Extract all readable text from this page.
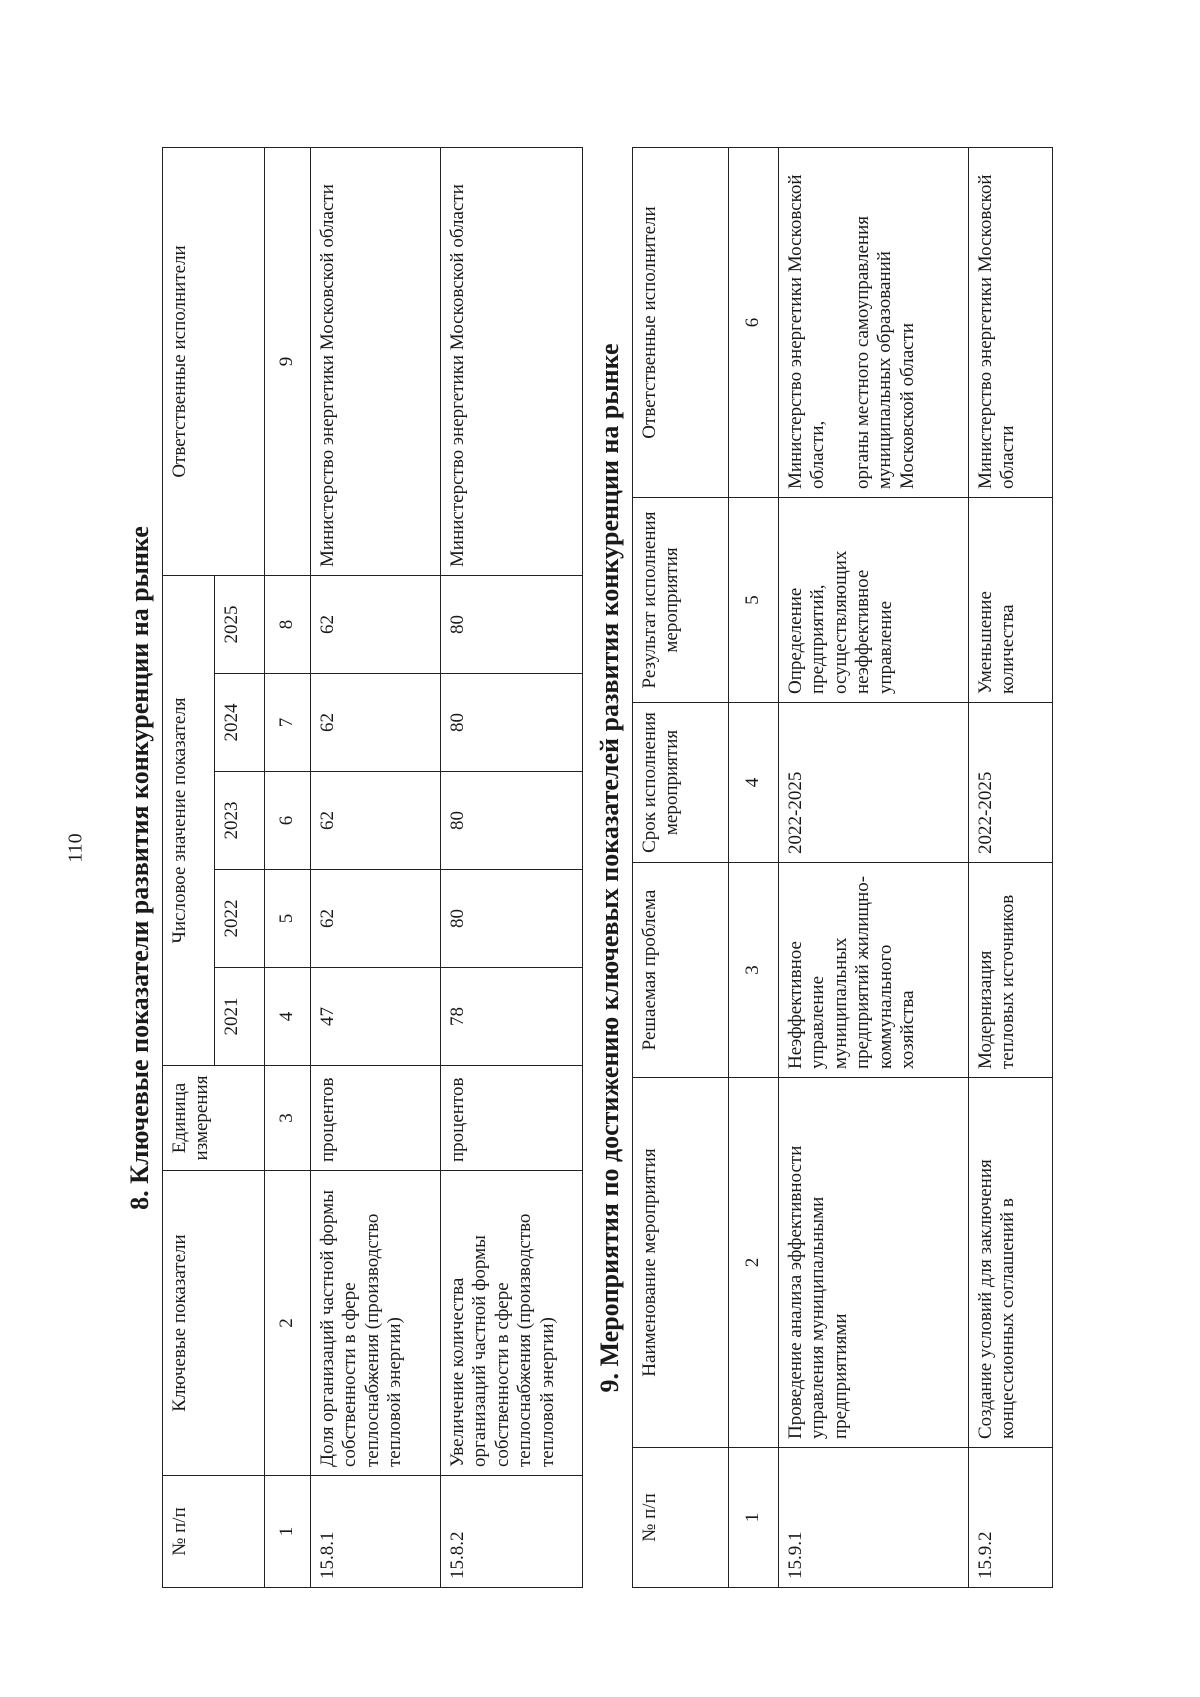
110 8. Ключевые показатели развития конкуренции на рынке
№ п/п	Ключевые показатели	Единица измерения	Числовое значение показателя					Ответственные исполнители
			2021	2022	2023	2024	2025	
1	2	3	4	5	6	7	8	9
15.8.1	Доля организаций частной формы собственности в сфере теплоснабжения (производство тепловой энергии)	процентов	47	62	62	62	62	Министерство энергетики Московской области
15.8.2	Увеличение количества организаций частной формы собственности в сфере теплоснабжения (производство тепловой энергии)	процентов	78	80	80	80	80	Министерство энергетики Московской области	9. Мероприятия по достижению ключевых показателей развития конкуренции на рынке
№ п/п	Наименование мероприятия	Решаемая проблема	Срок исполнения мероприятия	Результат исполнения мероприятия	Ответственные исполнители
1	2	3	4	5	6
15.9.1	Проведение анализа эффективности управления муниципальными предприятиями	Неэффективное управление муниципальных предприятий жилищно-коммунального хозяйства	2022-2025	Определение предприятий, осуществляющих неэффективное управление	Министерство энергетики Московской области, органы местного самоуправления муниципальных образований Московской области

15.9.2	Создание условий для заключения концессионных соглашений в	Модернизация тепловых источников	2022-2025	Уменьшение количества	Министерство энергетики Московской области
